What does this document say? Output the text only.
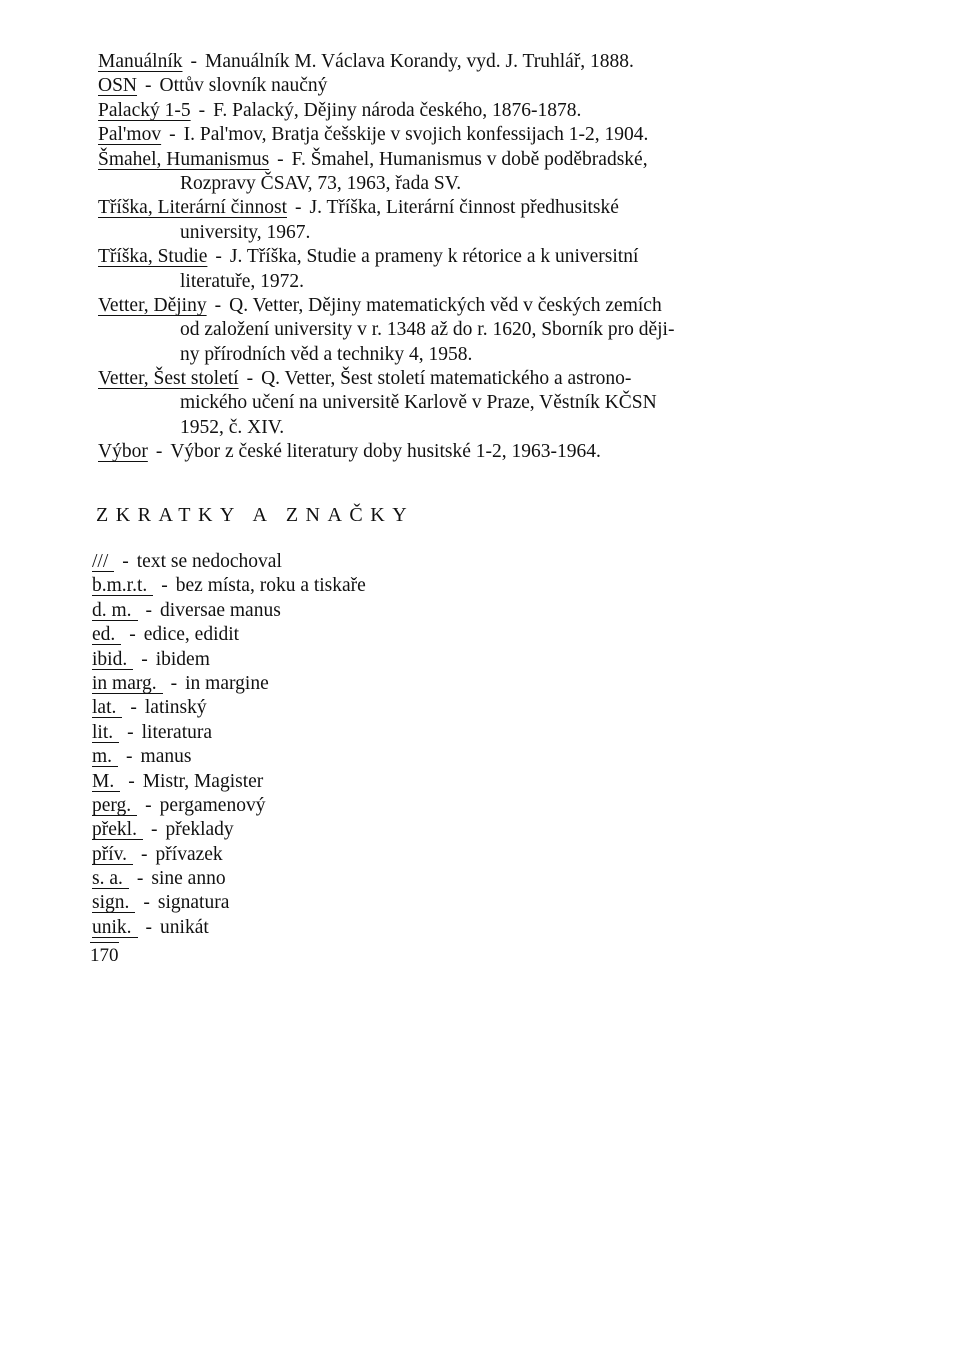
Manuálník - Manuálník M. Václava Korandy, vyd. J. Truhlář, 1888.
OSN - Ottův slovník naučný
Palacký 1-5 - F. Palacký, Dějiny národa českého, 1876-1878.
Pal'mov - I. Pal'mov, Bratja češskije v svojich konfessijach 1-2, 1904.
Šmahel, Humanismus - F. Šmahel, Humanismus v době poděbradské,
Rozpravy ČSAV, 73, 1963, řada SV.
Tříška, Literární činnost - J. Tříška, Literární činnost předhusitské
university, 1967.
Tříška, Studie - J. Tříška, Studie a prameny k rétorice a k universitní
literatuře, 1972.
Vetter, Dějiny - Q. Vetter, Dějiny matematických věd v českých zemích
od založení university v r. 1348 až do r. 1620, Sborník pro ději-
ny přírodních věd a techniky 4, 1958.
Vetter, Šest století - Q. Vetter, Šest století matematického a astrono-
mického učení na universitě Karlově v Praze, Věstník KČSN
1952, č. XIV.
Výbor - Výbor z české literatury doby husitské 1-2, 1963-1964.
ZKRATKY A ZNAČKY
/// - text se nedochoval
b.m.r.t. - bez místa, roku a tiskaře
d. m. - diversae manus
ed. - edice, edidit
ibid. - ibidem
in marg. - in margine
lat. - latinský
lit. - literatura
m. - manus
M. - Mistr, Magister
perg. - pergamenový
překl. - překlady
přív. - přívazek
s. a. - sine anno
sign. - signatura
unik. - unikát
170
